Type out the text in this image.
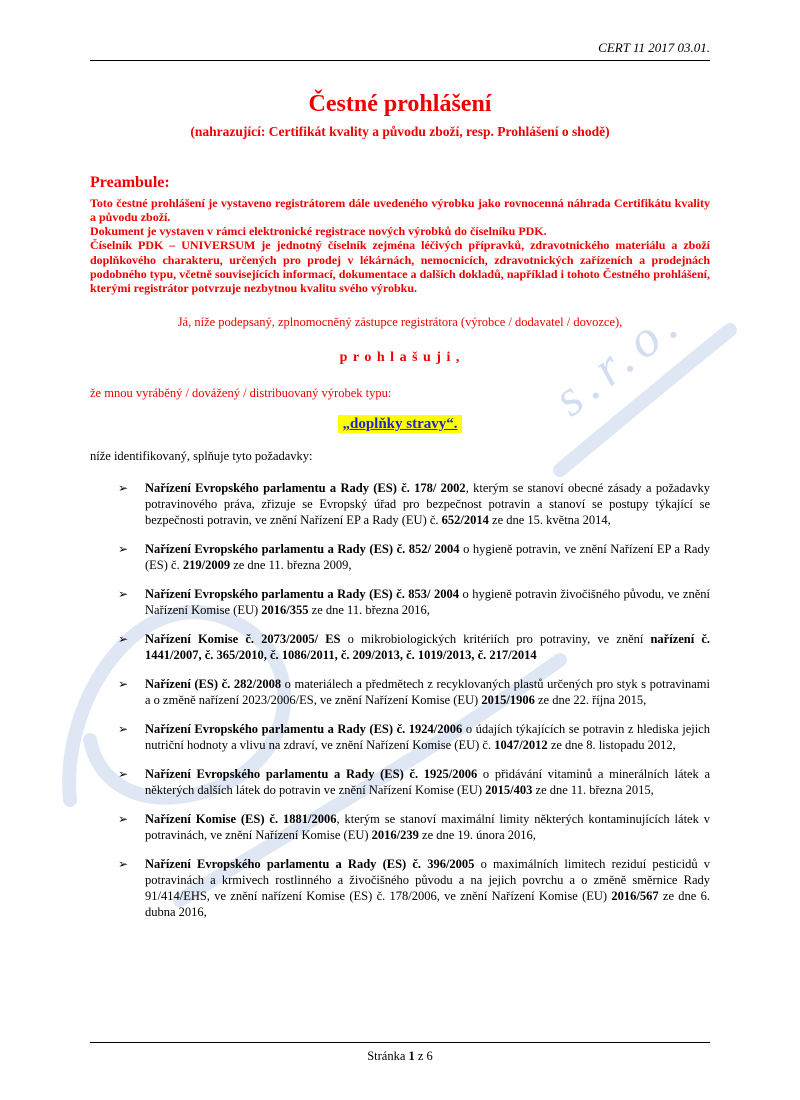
s.r.o.
CERT 11 2017 03.01.
Čestné prohlášení
(nahrazující: Certifikát kvality a původu zboží, resp. Prohlášení o shodě)
Preambule:
Toto čestné prohlášení je vystaveno registrátorem dále uvedeného výrobku jako rovnocenná náhrada Certifikátu kvality a původu zboží.
Dokument je vystaven v rámci elektronické registrace nových výrobků do číselníku PDK.
Číselník PDK – UNIVERSUM je jednotný číselník zejména léčivých přípravků, zdravotnického materiálu a zboží doplňkového charakteru, určených pro prodej v lékárnách, nemocnicích, zdravotnických zařízeních a prodejnách podobného typu, včetně souvisejících informací, dokumentace a dalších dokladů, například i tohoto Čestného prohlášení, kterými registrátor potvrzuje nezbytnou kvalitu svého výrobku.
Já, níže podepsaný, zplnomocněný zástupce registrátora (výrobce / dodavatel / dovozce),
p r o h l a š u j i ,
že mnou vyráběný / dovážený / distribuovaný výrobek typu:
„doplňky stravy“.
níže identifikovaný, splňuje tyto požadavky:
➢	Nařízení Evropského parlamentu a Rady (ES) č. 178/ 2002, kterým se stanoví obecné zásady a požadavky potravinového práva, zřizuje se Evropský úřad pro bezpečnost potravin a stanoví se postupy týkající se bezpečnosti potravin, ve znění Nařízení EP a Rady (EU) č. 652/2014 ze dne 15. května 2014,
➢	Nařízení Evropského parlamentu a Rady (ES) č. 852/ 2004 o hygieně potravin, ve znění Nařízení EP a Rady (ES) č. 219/2009 ze dne 11. března 2009,
➢	Nařízení Evropského parlamentu a Rady (ES) č. 853/ 2004 o hygieně potravin živočišného původu, ve znění Nařízení Komise (EU) 2016/355 ze dne 11. března 2016,
➢	Nařízení Komise č. 2073/2005/ ES o mikrobiologických kritériích pro potraviny, ve znění nařízení č. 1441/2007, č. 365/2010, č. 1086/2011, č. 209/2013, č. 1019/2013, č. 217/2014
➢	Nařízení (ES) č. 282/2008 o materiálech a předmětech z recyklovaných plastů určených pro styk s potravinami a o změně nařízení 2023/2006/ES, ve znění Nařízení Komise (EU) 2015/1906 ze dne 22. října 2015,
➢	Nařízení Evropského parlamentu a Rady (ES) č. 1924/2006 o údajích týkajících se potravin z hlediska jejich nutriční hodnoty a vlivu na zdraví, ve znění Nařízení Komise (EU) č. 1047/2012 ze dne 8. listopadu 2012,
➢	Nařízení Evropského parlamentu a Rady (ES) č. 1925/2006 o přidávání vitaminů a minerálních látek a některých dalších látek do potravin ve znění Nařízení Komise (EU) 2015/403 ze dne 11. března 2015,
➢	Nařízení Komise (ES) č. 1881/2006, kterým se stanoví maximální limity některých kontaminujících látek v potravinách, ve znění Nařízení Komise (EU) 2016/239 ze dne 19. února 2016,
➢	Nařízení Evropského parlamentu a Rady (ES) č. 396/2005 o maximálních limitech reziduí pesticidů v potravinách a krmivech rostlinného a živočišného původu a na jejich povrchu a o změně směrnice Rady 91/414/EHS, ve znění nařízení Komise (ES) č. 178/2006, ve znění Nařízení Komise (EU) 2016/567 ze dne 6. dubna 2016,
Stránka 1 z 6
